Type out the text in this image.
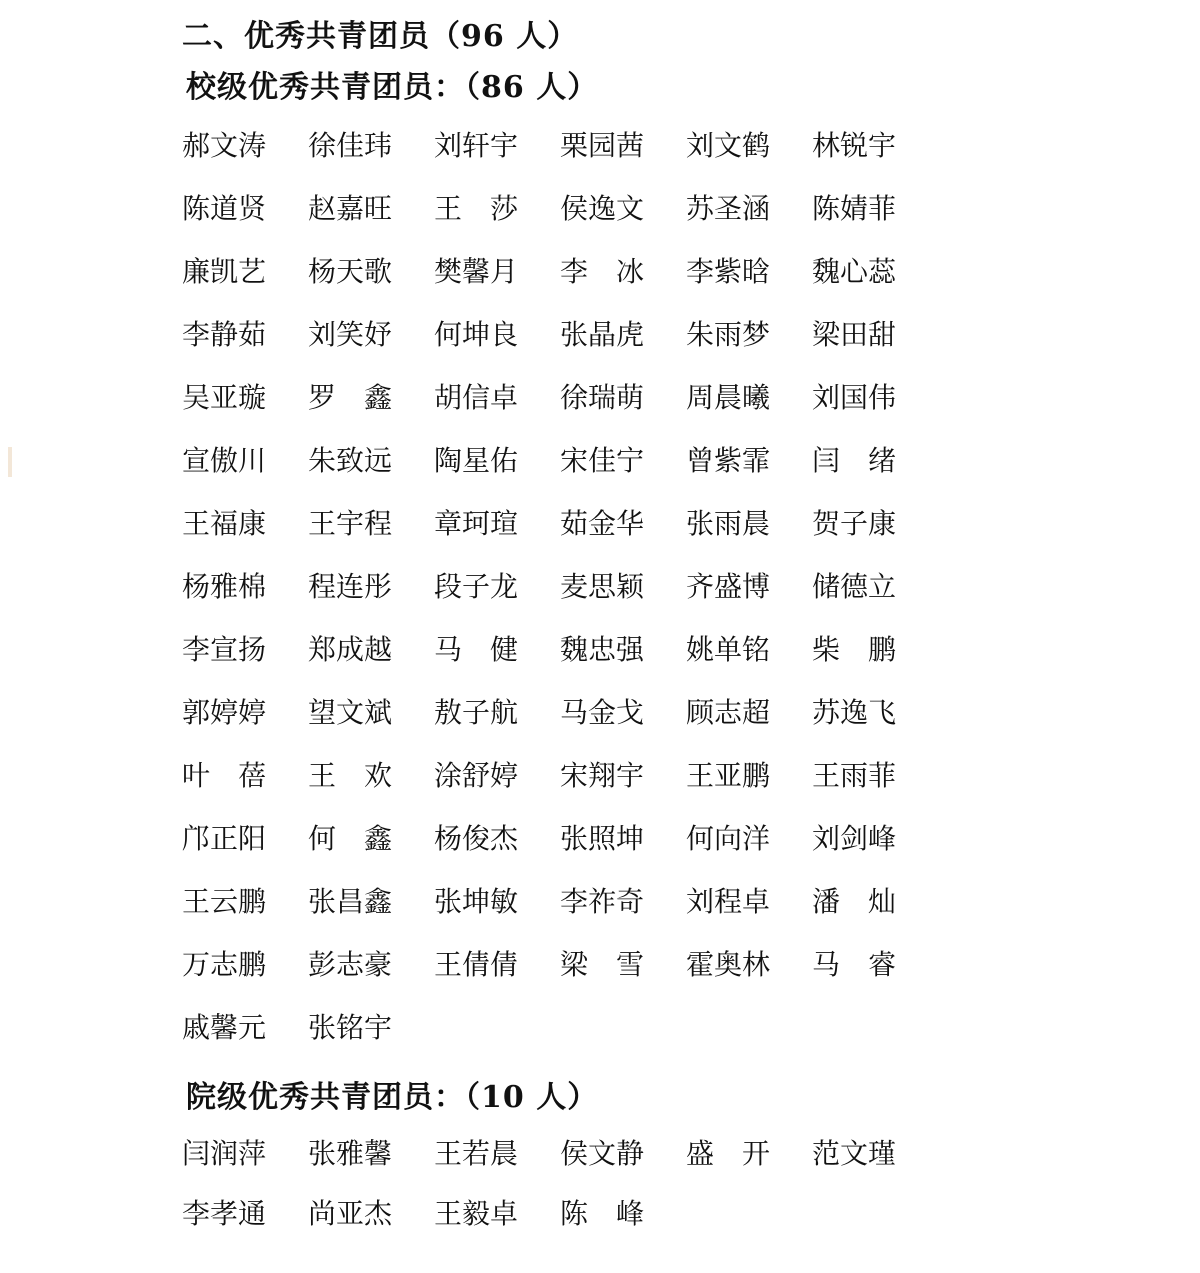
二、优秀共青团员（96 人）
校级优秀共青团员：（86 人）
郝文涛	徐佳玮	刘轩宇	栗园茜	刘文鹤	林锐宇
陈道贤	赵嘉旺	王　莎	侯逸文	苏圣涵	陈婧菲
廉凯艺	杨天歌	樊馨月	李　冰	李紫晗	魏心蕊
李静茹	刘笑妤	何坤良	张晶虎	朱雨梦	梁田甜
吴亚璇	罗　鑫	胡信卓	徐瑞萌	周晨曦	刘国伟
宣傲川	朱致远	陶星佑	宋佳宁	曾紫霏	闫　绪
王福康	王宇程	章珂瑄	茹金华	张雨晨	贺子康
杨雅棉	程连彤	段子龙	麦思颖	齐盛博	储德立
李宣扬	郑成越	马　健	魏忠强	姚单铭	柴　鹏
郭婷婷	望文斌	敖子航	马金戈	顾志超	苏逸飞
叶　蓓	王　欢	涂舒婷	宋翔宇	王亚鹏	王雨菲
邝正阳	何　鑫	杨俊杰	张照坤	何向洋	刘剑峰
王云鹏	张昌鑫	张坤敏	李祚奇	刘程卓	潘　灿
万志鹏	彭志豪	王倩倩	梁　雪	霍奥林	马　睿
戚馨元	张铭宇
院级优秀共青团员：（10 人）
闫润萍	张雅馨	王若晨	侯文静	盛　开	范文瑾
李孝通	尚亚杰	王毅卓	陈　峰
